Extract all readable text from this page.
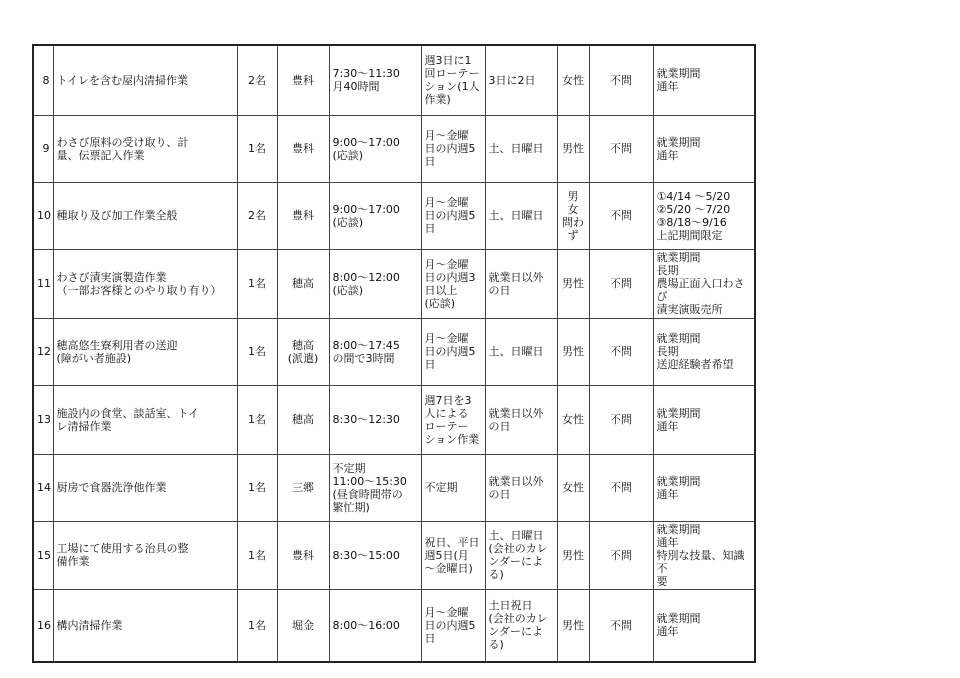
8	トイレを含む屋内清掃作業	2名	豊科	7:30～11:30
月40時間	週3日に1
回ローテー
ション(1人
作業)	3日に2日	女性	不問	就業期間
通年
9	わさび原料の受け取り、計
量、伝票記入作業	1名	豊科	9:00～17:00
(応談)	月～金曜
日の内週5
日	土、日曜日	男性	不問	就業期間
通年
10	種取り及び加工作業全般	2名	豊科	9:00～17:00
(応談)	月～金曜
日の内週5
日	土、日曜日	男
女
問わ
ず	不問	①4/14 ～5/20
②5/20 ～7/20
③8/18～9/16
上記期間限定
11	わさび漬実演製造作業
（一部お客様とのやり取り有り）	1名	穂高	8:00～12:00
(応談)	月～金曜
日の内週3
日以上
(応談)	就業日以外
の日	男性	不問	就業期間
長期
農場正面入口わさび
漬実演販売所
12	穂高悠生寮利用者の送迎
(障がい者施設)	1名	穂高
(派遣)	8:00～17:45
の間で3時間	月～金曜
日の内週5
日	土、日曜日	男性	不問	就業期間
長期
送迎経験者希望
13	施設内の食堂、談話室、トイ
レ清掃作業	1名	穂高	8:30～12:30	週7日を3
人による
ローテー
ション作業	就業日以外
の日	女性	不問	就業期間
通年
14	厨房で食器洗浄他作業	1名	三郷	不定期
11:00～15:30
(昼食時間帯の
繁忙期)	不定期	就業日以外
の日	女性	不問	就業期間
通年
15	工場にて使用する治具の整
備作業	1名	豊科	8:30～15:00	祝日、平日
週5日(月
～金曜日)	土、日曜日
(会社のカレ
ンダーによ
る)	男性	不問	就業期間
通年
特別な技量、知識不
要
16	構内清掃作業	1名	堀金	8:00～16:00	月～金曜
日の内週5
日	土日祝日
(会社のカレ
ンダーによ
る)	男性	不問	就業期間
通年
